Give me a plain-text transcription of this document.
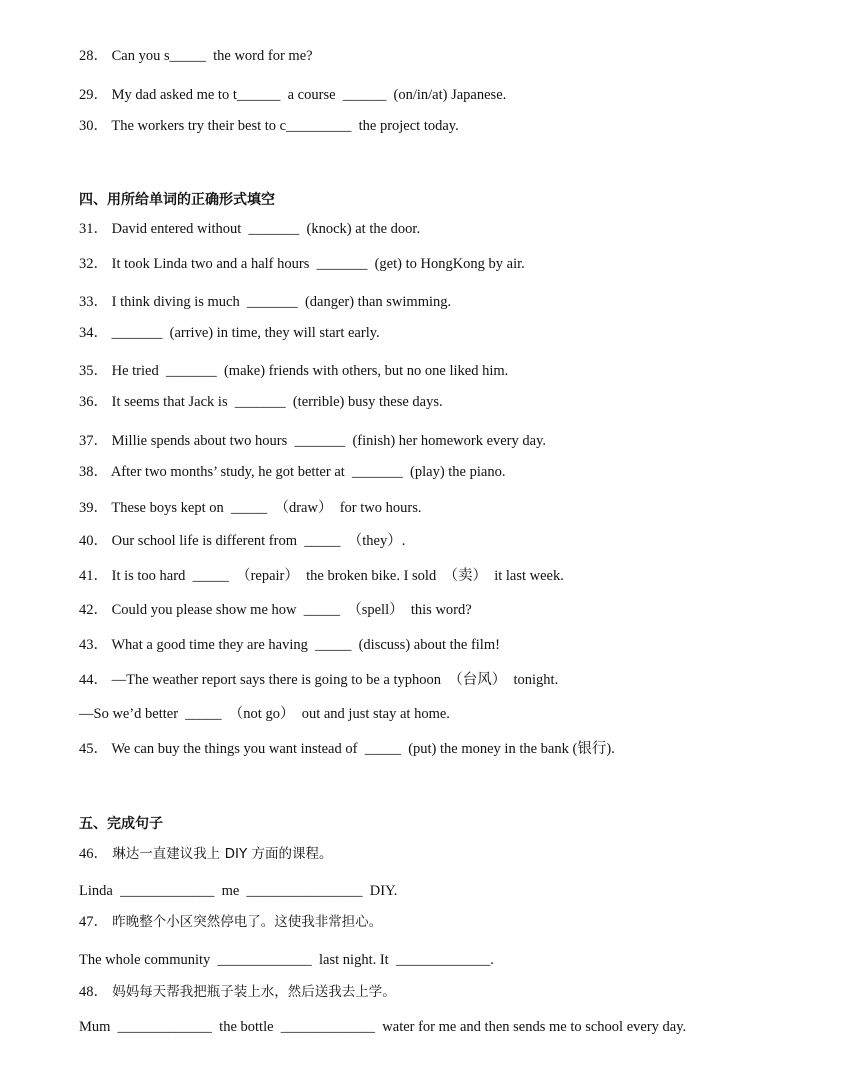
28． Can you s_____  the word for me?
29． My dad asked me to t______  a course  ______  (on/in/at) Japanese.
30． The workers try their best to c_________  the project today.
四、用所给单词的正确形式填空
31． David entered without  _______  (knock) at the door.
32． It took Linda two and a half hours  _______  (get) to HongKong by air.
33． I think diving is much  _______  (danger) than swimming.
34． _______  (arrive) in time, they will start early.
35． He tried  _______  (make) friends with others, but no one liked him.
36． It seems that Jack is  _______  (terrible) busy these days.
37． Millie spends about two hours  _______  (finish) her homework every day.
38． After two months’ study, he got better at  _______  (play) the piano.
39． These boys kept on  _____  （draw）  for two hours.
40． Our school life is different from  _____  （they）.
41． It is too hard  _____  （repair）  the broken bike. I sold  （卖）  it last week.
42． Could you please show me how  _____  （spell）  this word?
43． What a good time they are having  _____  (discuss) about the film!
44． —The weather report says there is going to be a typhoon  （台风）  tonight.
—So we’d better  _____  （not go）  out and just stay at home.
45． We can buy the things you want instead of  _____  (put) the money in the bank (银行).
五、完成句子
46． 琳达一直建议我上 DIY 方面的课程。
Linda  _____________  me  ________________  DIY.
47． 昨晚整个小区突然停电了。这使我非常担心。
The whole community  _____________  last night. It  _____________.
48． 妈妈每天帮我把瓶子装上水，然后送我去上学。
Mum  _____________  the bottle  _____________  water for me and then sends me to school every day.
